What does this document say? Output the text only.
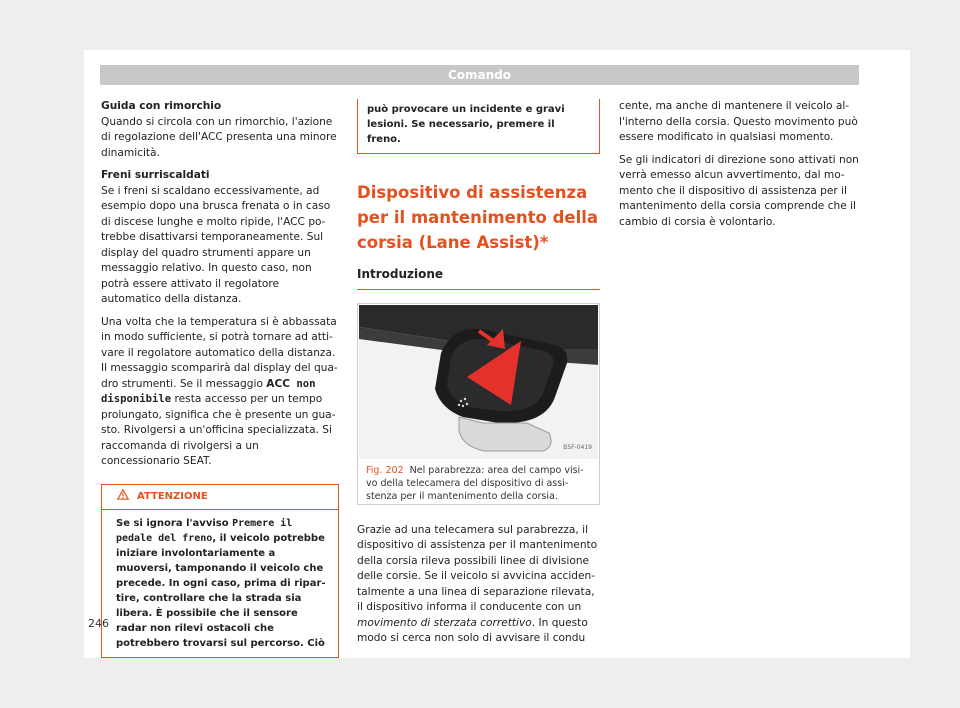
Comando

Guida con rimorchio

Quando si circola con un rimorchio, l'azione di regolazione dell'ACC presenta una minore dinamicità.

Freni surriscaldati

Se i freni si scaldano eccessivamente, ad esempio dopo una brusca frenata o in caso di discese lunghe e molto ripide, l'ACC potrebbe disattivarsi temporaneamente. Sul display del quadro strumenti appare un messaggio relativo. In questo caso, non potrà essere attivato il regolatore automatico della distanza.

Una volta che la temperatura si è abbassata in modo sufficiente, si potrà tornare ad attivare il regolatore automatico della distanza. Il messaggio scomparirà dal display del quadro strumenti. Se il messaggio ACC non disponibile resta accesso per un tempo prolungato, significa che è presente un guasto. Rivolgersi a un'officina specializzata. Si raccomanda di rivolgersi a un concessionario SEAT.

ATTENZIONE
Se si ignora l'avviso Premere il pedale del freno, il veicolo potrebbe iniziare involontariamente a muoversi, tamponando il veicolo che precede. In ogni caso, prima di ripartire, controllare che la strada sia libera. È possibile che il sensore radar non rilevi ostacoli che potrebbero trovarsi sul percorso. Ciò
può provocare un incidente e gravi lesioni. Se necessario, premere il freno.
Dispositivo di assistenza per il mantenimento della corsia (Lane Assist)*
Introduzione
B5F-0419
Fig. 202 Nel parabrezza: area del campo visivo della telecamera del dispositivo di assistenza per il mantenimento della corsia.

Grazie ad una telecamera sul parabrezza, il dispositivo di assistenza per il mantenimento della corsia rileva possibili linee di divisione delle corsie. Se il veicolo si avvicina accidentalmente a una linea di separazione rilevata, il dispositivo informa il conducente con un movimento di sterzata correttivo. In questo modo si cerca non solo di avvisare il condu

cente, ma anche di mantenere il veicolo all'interno della corsia. Questo movimento può essere modificato in qualsiasi momento.

Se gli indicatori di direzione sono attivati non verrà emesso alcun avvertimento, dal momento che il dispositivo di assistenza per il mantenimento della corsia comprende che il cambio di corsia è volontario.

246
